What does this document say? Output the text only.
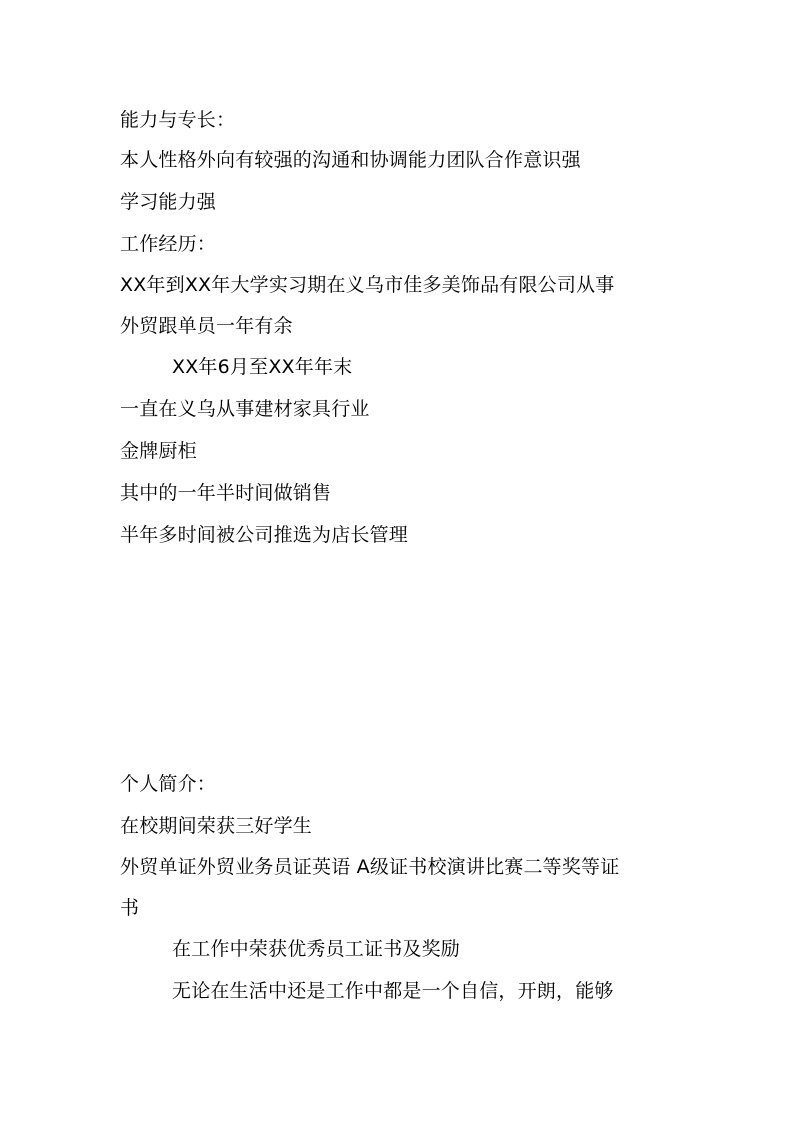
能力与专长：
本人性格外向有较强的沟通和协调能力团队合作意识强
学习能力强
工作经历：
XX年到XX年大学实习期在义乌市佳多美饰品有限公司从事
外贸跟单员一年有余
XX年6月至XX年年末
一直在义乌从事建材家具行业
金牌厨柜
其中的一年半时间做销售
半年多时间被公司推选为店长管理
个人简介：
在校期间荣获三好学生
外贸单证外贸业务员证英语 A级证书校演讲比赛二等奖等证
书
在工作中荣获优秀员工证书及奖励
无论在生活中还是工作中都是一个自信，开朗，能够
